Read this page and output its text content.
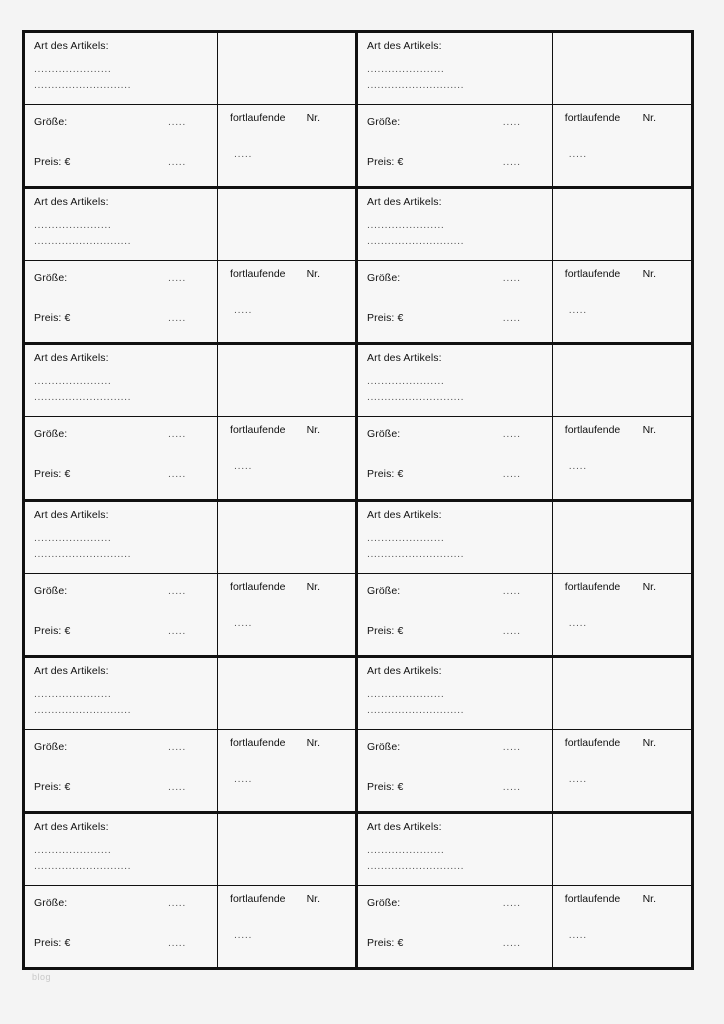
Art des Artikels:
......................
............................
Größe:	.....
Preis: €	.....
fortlaufende Nr.
.....
Art des Artikels:
......................
............................
Größe:	.....
Preis: €	.....
fortlaufende Nr.
.....
Art des Artikels:
......................
............................
Größe:	.....
Preis: €	.....
fortlaufende Nr.
.....
Art des Artikels:
......................
............................
Größe:	.....
Preis: €	.....
fortlaufende Nr.
.....
Art des Artikels:
......................
............................
Größe:	.....
Preis: €	.....
fortlaufende Nr.
.....
Art des Artikels:
......................
............................
Größe:	.....
Preis: €	.....
fortlaufende Nr.
.....
Art des Artikels:
......................
............................
Größe:	.....
Preis: €	.....
fortlaufende Nr.
.....
Art des Artikels:
......................
............................
Größe:	.....
Preis: €	.....
fortlaufende Nr.
.....
Art des Artikels:
......................
............................
Größe:	.....
Preis: €	.....
fortlaufende Nr.
.....
Art des Artikels:
......................
............................
Größe:	.....
Preis: €	.....
fortlaufende Nr.
.....
Art des Artikels:
......................
............................
Größe:	.....
Preis: €	.....
fortlaufende Nr.
.....
Art des Artikels:
......................
............................
Größe:	.....
Preis: €	.....
fortlaufende Nr.
.....
blog
